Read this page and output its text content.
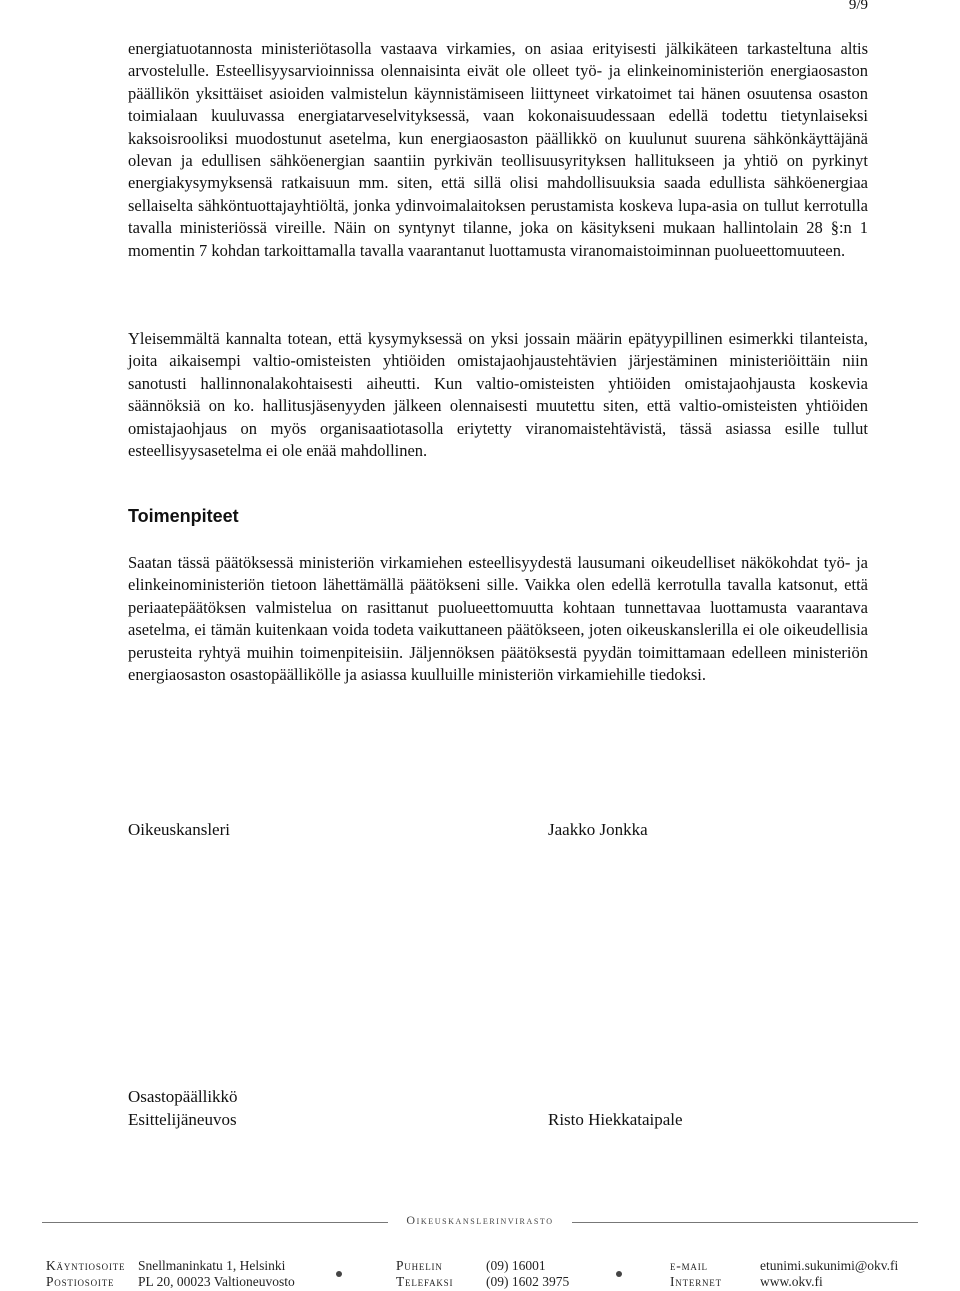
9/9

energiatuotannosta ministeriötasolla vastaava virkamies, on asiaa erityisesti jälkikäteen tarkasteltuna altis arvostelulle. Esteellisyysarvioinnissa olennaisinta eivät ole olleet työ- ja elinkeinoministeriön energiaosaston päällikön yksittäiset asioiden valmistelun käynnistämiseen liittyneet virkatoimet tai hänen osuutensa osaston toimialaan kuuluvassa energiatarveselvityksessä, vaan kokonaisuudessaan edellä todettu tietynlaiseksi kaksoisrooliksi muodostunut asetelma, kun energiaosaston päällikkö on kuulunut suurena sähkönkäyttäjänä olevan ja edullisen sähköenergian saantiin pyrkivän teollisuusyrityksen hallitukseen ja yhtiö on pyrkinyt energiakysymyksensä ratkaisuun mm. siten, että sillä olisi mahdollisuuksia saada edullista sähköenergiaa sellaiselta sähköntuottajayhtiöltä, jonka ydinvoimalaitoksen perustamista koskeva lupa-asia on tullut kerrotulla tavalla ministeriössä vireille. Näin on syntynyt tilanne, joka on käsitykseni mukaan hallintolain 28 §:n 1 momentin 7 kohdan tarkoittamalla tavalla vaarantanut luottamusta viranomaistoiminnan puolueettomuuteen.

Yleisemmältä kannalta totean, että kysymyksessä on yksi jossain määrin epätyypillinen esimerkki tilanteista, joita aikaisempi valtio-omisteisten yhtiöiden omistajaohjaustehtävien järjestäminen ministeriöittäin niin sanotusti hallinnonalakohtaisesti aiheutti. Kun valtio-omisteisten yhtiöiden omistajaohjausta koskevia säännöksiä on ko. hallitusjäsenyyden jälkeen olennaisesti muutettu siten, että valtio-omisteisten yhtiöiden omistajaohjaus on myös organisaatiotasolla eriytetty viranomaistehtävistä, tässä asiassa esille tullut esteellisyysasetelma ei ole enää mahdollinen.

Toimenpiteet

Saatan tässä päätöksessä ministeriön virkamiehen esteellisyydestä lausumani oikeudelliset näkökohdat työ- ja elinkeinoministeriön tietoon lähettämällä päätökseni sille. Vaikka olen edellä kerrotulla tavalla katsonut, että periaatepäätöksen valmistelua on rasittanut puolueettomuutta kohtaan tunnettavaa luottamusta vaarantava asetelma, ei tämän kuitenkaan voida todeta vaikuttaneen päätökseen, joten oikeuskanslerilla ei ole oikeudellisia perusteita ryhtyä muihin toimenpiteisiin. Jäljennöksen päätöksestä pyydän toimittamaan edelleen ministeriön energiaosaston osastopäällikölle ja asiassa kuulluille ministeriön virkamiehille tiedoksi.

Oikeuskansleri	Jaakko Jonkka
Osastopäällikkö
Esittelijäneuvos	Risto Hiekkataipale
Oikeuskanslerinvirasto
Käyntiosoite Snellmaninkatu 1, Helsinki
Postiosoite PL 20, 00023 Valtioneuvosto
Puhelin	(09) 16001
Telefaksi (09) 1602 3975
e-mail	etunimi.sukunimi@okv.fi
Internet	www.okv.fi
